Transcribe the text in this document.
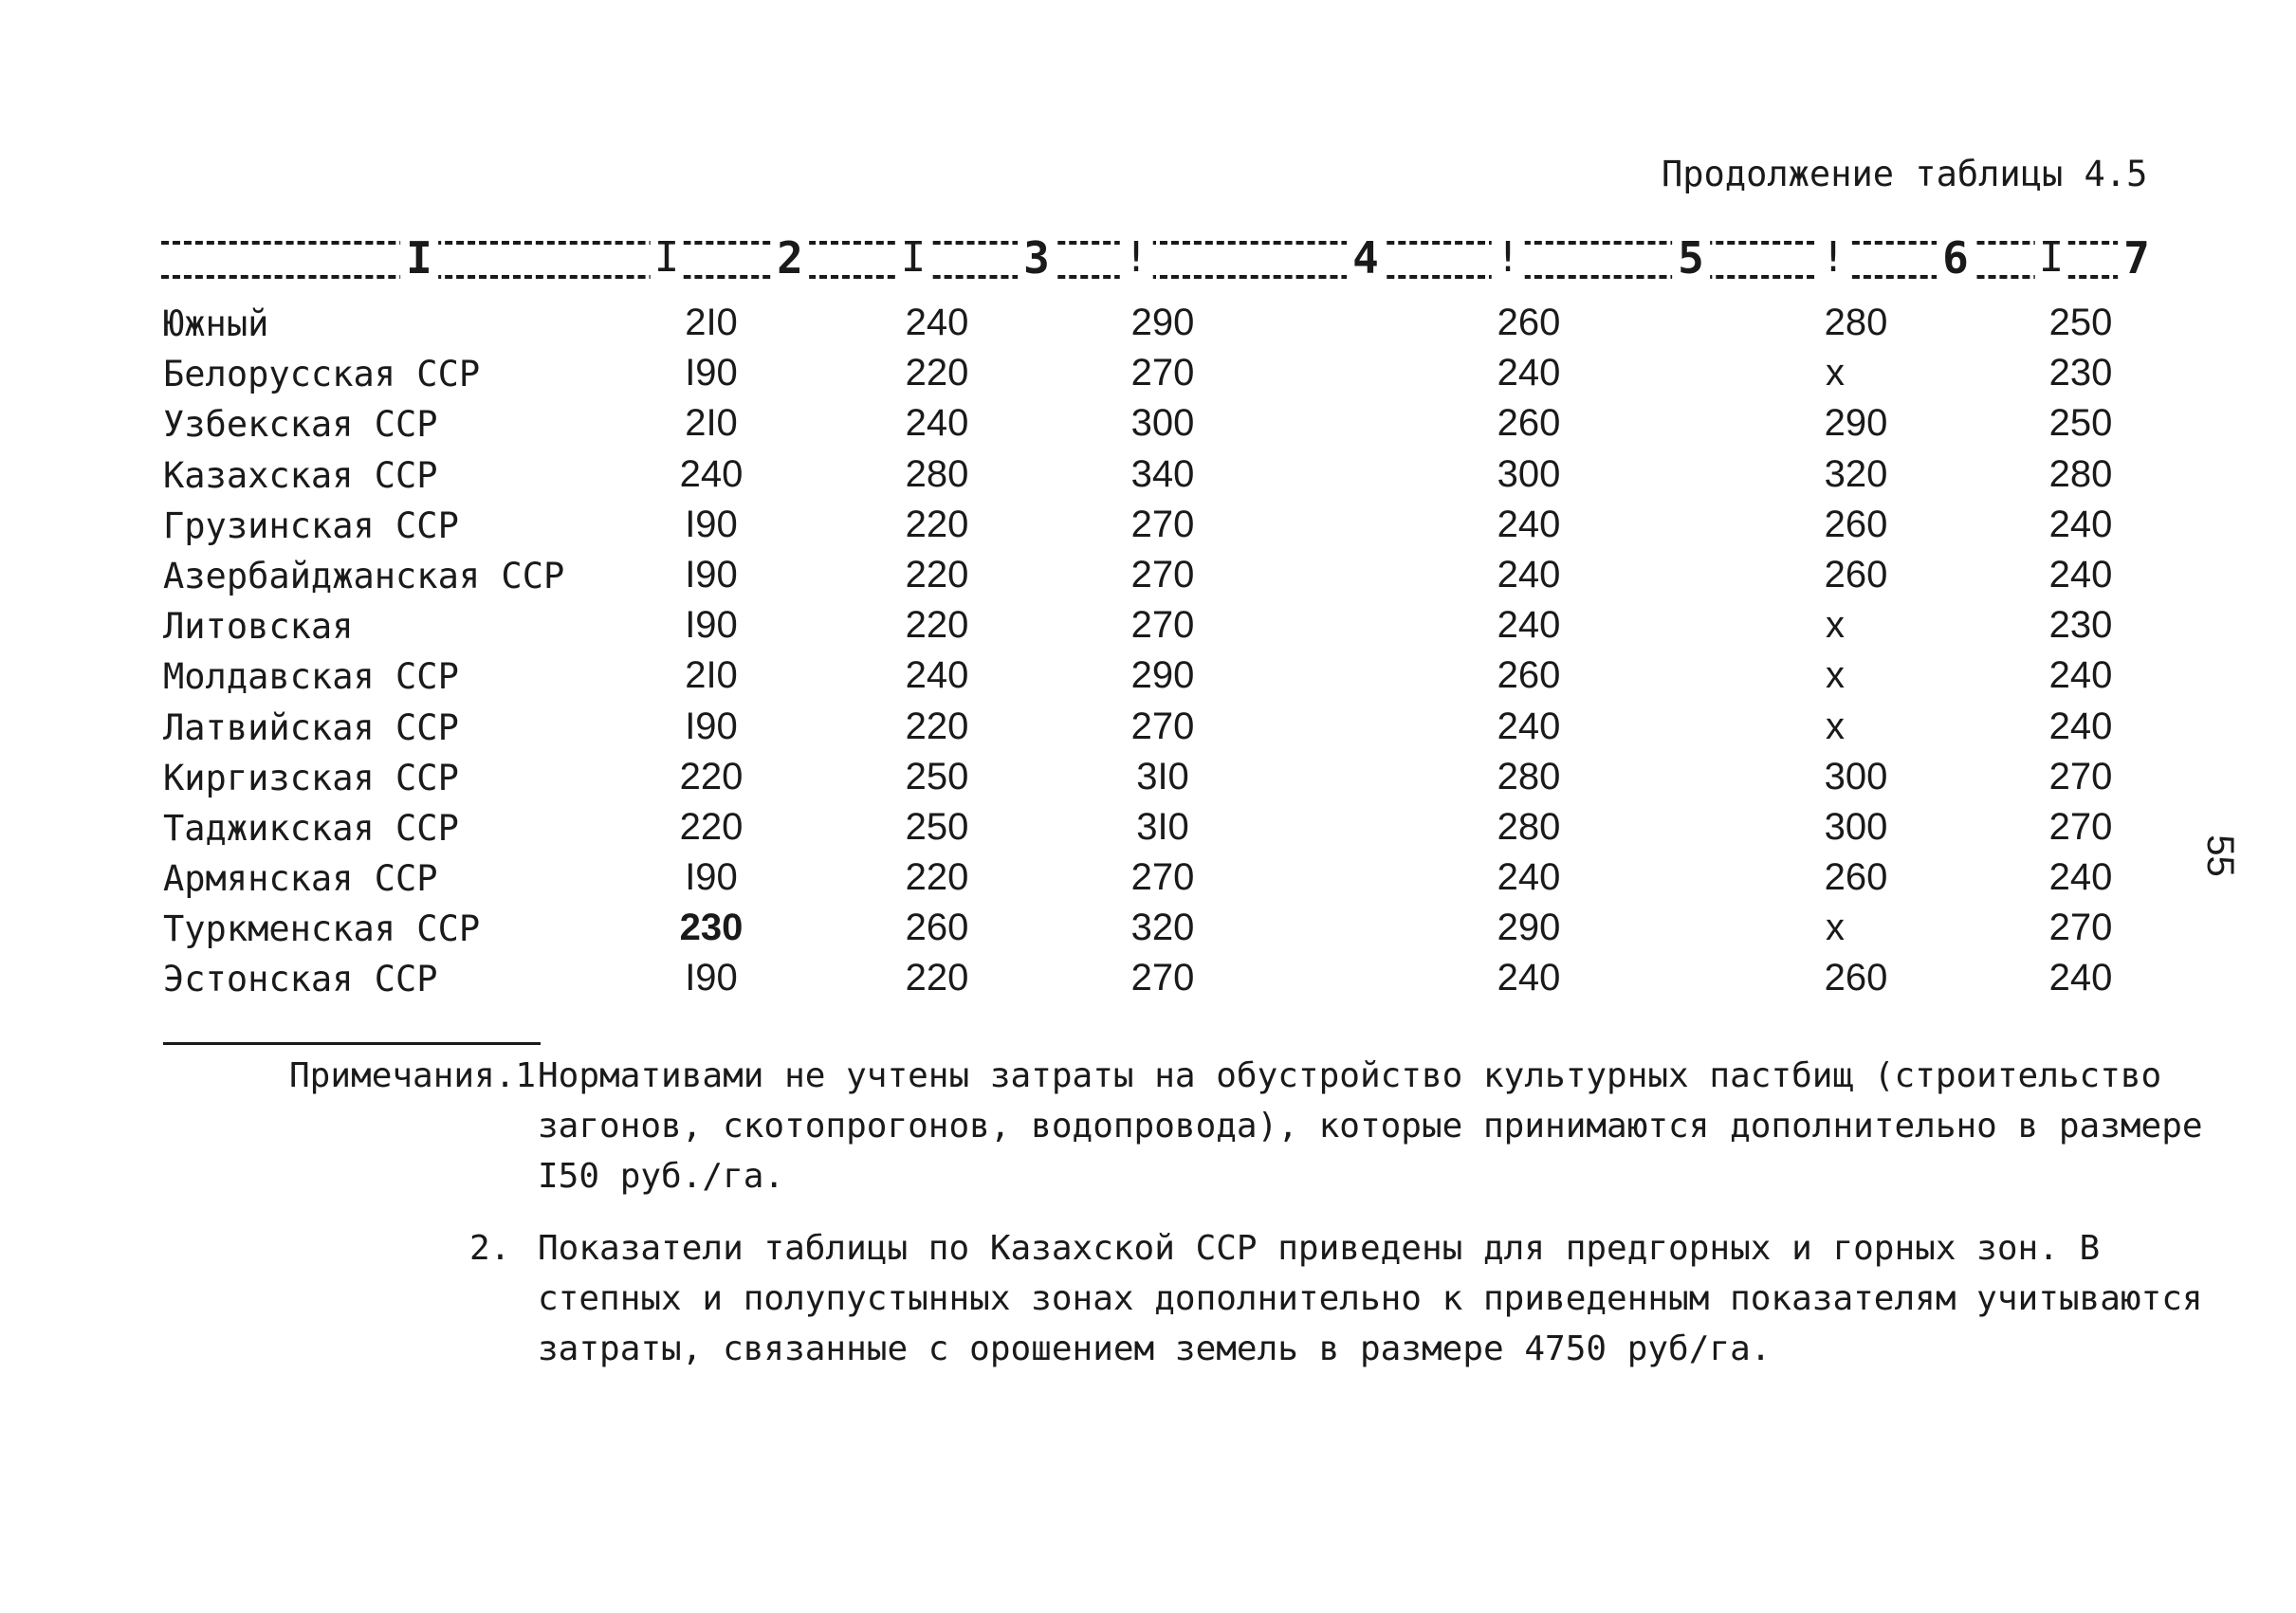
Продолжение таблицы 4.5
I	I 2 I 3 !	4	!	5	! 6 I 7
Южный	2I0	240	290	260	280	250
Белорусская ССР	I90	220	270	240	x	230
Узбекская ССР	2I0	240	300	260	290	250
Казахская ССР	240	280	340	300	320	280
Грузинская ССР	I90	220	270	240	260	240
Азербайджанская ССР	I90	220	270	240	260	240
Литовская	I90	220	270	240	x	230
Молдавская ССР	2I0	240	290	260	x	240
Латвийская ССР	I90	220	270	240	x	240
Киргизская ССР	220	250	3I0	280	300	270
Таджикская ССР	220	250	3I0	280	300	270
Армянская ССР	I90	220	270	240	260	240
Туркменская ССР	230	260	320	290	x	270
Эстонская ССР	I90	220	270	240	260	240
Примечания.1 Нормативами не учтены затраты на обустройство культурных пастбищ (строительство загонов, скотопрогонов, водопровода), которые принимаются дополнительно в размере I50 руб./га.
2. Показатели таблицы по Казахской ССР приведены для предгорных и горных зон. В степных и полупустынных зонах дополнительно к приведенным показателям учитываются затраты, связанные с орошением земель в размере 4750 руб/га.
55
